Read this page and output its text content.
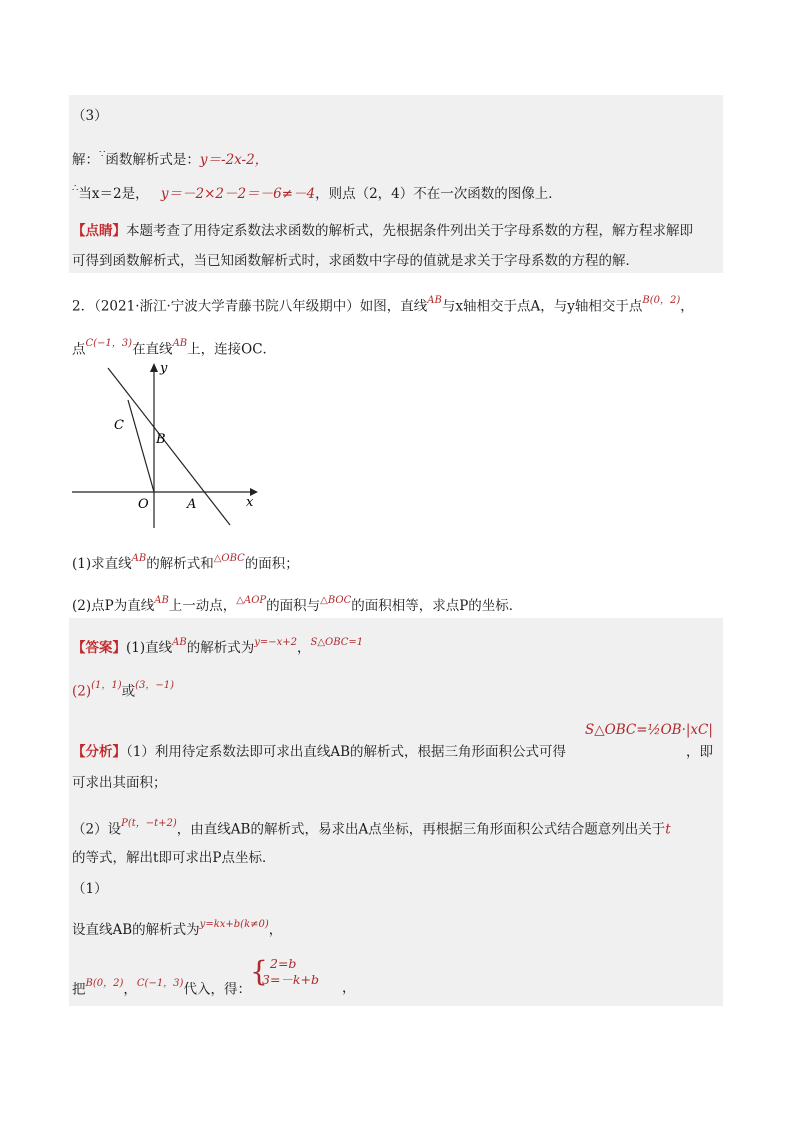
（3）
解：∵函数解析式是：y＝-2x-2，
∴当x＝2是， y＝－2×2－2＝－6≠－4，则点（2，4）不在一次函数的图像上．
【点睛】本题考查了用待定系数法求函数的解析式，先根据条件列出关于字母系数的方程，解方程求解即
可得到函数解析式，当已知函数解析式时，求函数中字母的值就是求关于字母系数的方程的解．
2．（2021·浙江·宁波大学青藤书院八年级期中）如图，直线$^{AB}$与x轴相交于点A，与y轴相交于点$^{B(0,2)}$，
点$^{C(-1,3)}$在直线$^{AB}$上，连接OC．
y
x
O	A
B
C
(1)求直线$^{AB}$的解析式和$^{\triangle OBC}$的面积；
(2)点P为直线$^{AB}$上一动点，$^{\triangle AOP}$的面积与$^{\triangle BOC}$的面积相等，求点P的坐标．
【答案】(1)直线$^{AB}$的解析式为$^{y=-x+2}$，$^{S\triangle OBC=1}$
$(2)^{(1,1)}$或$^{(3,-1)}$
S△OBC=½OB·|xC|
【分析】（1）利用待定系数法即可求出直线AB的解析式，根据三角形面积公式可得	，即
可求出其面积；
（2）设$^{P(t,-t+2)}$，由直线AB的解析式，易求出A点坐标，再根据三角形面积公式结合题意列出关于t
的等式，解出t即可求出P点坐标．
（1）
设直线AB的解析式为$^{y=kx+b(k\ne 0)}$，
把$^{B(0,2)}$，$^{C(-1,3)}$代入，得：
{ 2=b
3=－k+b
，
